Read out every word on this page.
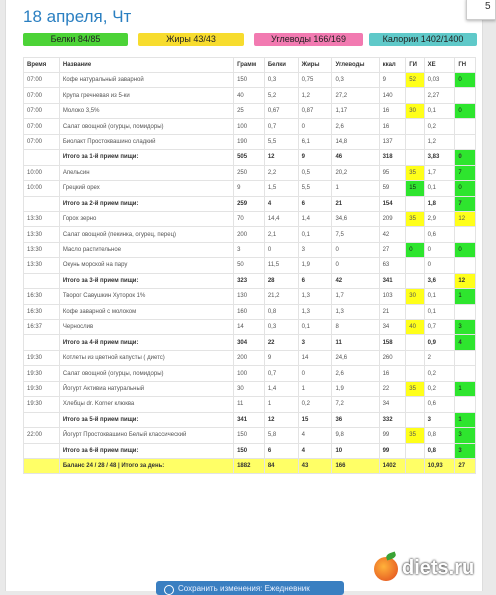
18 апреля, Чт
Белки 84/85	Жиры 43/43	Углеводы 166/169	Калории 1402/1400
Время	Название	Грамм	Белки	Жиры	Углеводы	ккал	ГИ	ХЕ	ГН
07:00	Кофе натуральный заварной	150	0,3	0,75	0,3	9	52	0,03	0
07:00	Крупа гречневая из 5-ки	40	5,2	1,2	27,2	140		2,27	
07:00	Молоко 3,5%	25	0,67	0,87	1,17	16	30	0,1	0
07:00	Салат овощной (огурцы, помидоры)	100	0,7	0	2,6	16		0,2	
07:00	Биолакт Простоквашино сладкий	190	5,5	6,1	14,8	137		1,2	
	Итого за 1-й прием пищи:	505	12	9	46	318		3,83	0
10:00	Апельсин	250	2,2	0,5	20,2	95	35	1,7	7
10:00	Грецкий орех	9	1,5	5,5	1	59	15	0,1	0
	Итого за 2-й прием пищи:	259	4	6	21	154		1,8	7
13:30	Горох зерно	70	14,4	1,4	34,6	209	35	2,9	12
13:30	Салат овощной (пекинка, огурец, перец)	200	2,1	0,1	7,5	42		0,6	
13:30	Масло растительное	3	0	3	0	27	0	0	0
13:30	Окунь морской на пару	50	11,5	1,9	0	63		0	
	Итого за 3-й прием пищи:	323	28	6	42	341		3,6	12
16:30	Творог Савушкин Хуторок 1%	130	21,2	1,3	1,7	103	30	0,1	1
16:30	Кофе заварной с молоком	160	0,8	1,3	1,3	21		0,1	
16:37	Чернослив	14	0,3	0,1	8	34	40	0,7	3
	Итого за 4-й прием пищи:	304	22	3	11	158		0,9	4
19:30	Котлеты из цветной капусты ( диетс)	200	9	14	24,6	260		2	
19:30	Салат овощной (огурцы, помидоры)	100	0,7	0	2,6	16		0,2	
19:30	Йогурт Активиа натуральный	30	1,4	1	1,9	22	35	0,2	1
19:30	Хлебцы dr. Korner клюква	11	1	0,2	7,2	34		0,6	
	Итого за 5-й прием пищи:	341	12	15	36	332		3	1
22:00	Йогурт Простоквашино Белый классический	150	5,8	4	9,8	99	35	0,8	3
	Итого за 6-й прием пищи:	150	6	4	10	99		0,8	3
	Баланс 24 / 28 / 48 | Итого за день:	1882	84	43	166	1402		10,93	27
Сохранить изменения: Ежедневник
diets.ru
5
